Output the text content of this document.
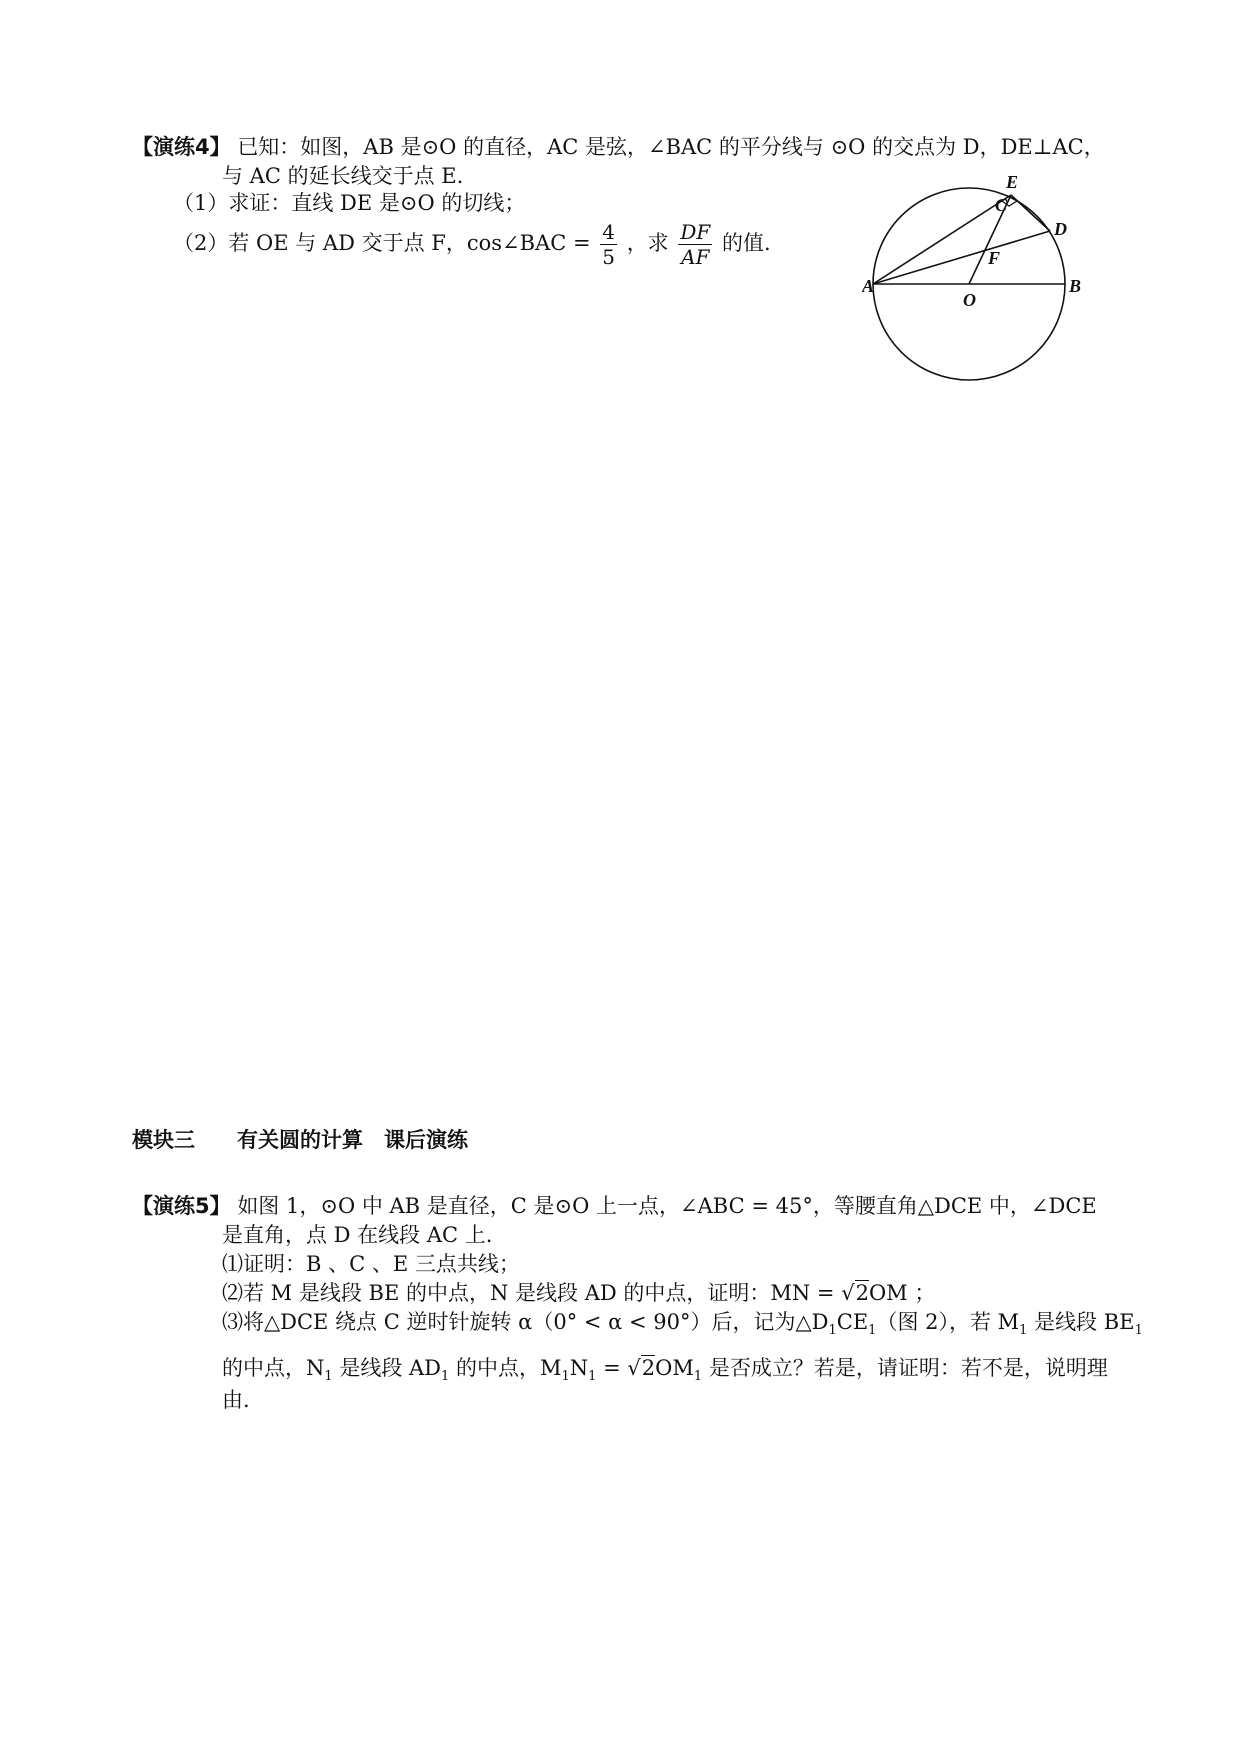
【演练4】 已知：如图，AB 是⊙O 的直径，AC 是弦，∠BAC 的平分线与 ⊙O 的交点为 D，DE⊥AC，
与 AC 的延长线交于点 E.
（1）求证：直线 DE 是⊙O 的切线；
（2）若 OE 与 AD 交于点 F，cos∠BAC = $\frac{4}{5}$ ，求 $\frac{DF}{AF}$ 的值.
A	B
C
D
E
F
O
模块三　　有关圆的计算　课后演练
【演练5】 如图 1，⊙O 中 AB 是直径，C 是⊙O 上一点，∠ABC = 45°，等腰直角△DCE 中，∠DCE
是直角，点 D 在线段 AC 上.
⑴证明：B 、C 、E 三点共线；
⑵若 M 是线段 BE 的中点，N 是线段 AD 的中点，证明：MN = √2OM ；
⑶将△DCE 绕点 C 逆时针旋转 α（0° < α < 90°）后，记为$\triangle D_1CE_1$（图 2），若 $M_1$ 是线段 $BE_1$
的中点，$N_1$ 是线段 $AD_1$ 的中点，$M_1N_1 = √2OM_1$ 是否成立？若是，请证明：若不是，说明理
由.
